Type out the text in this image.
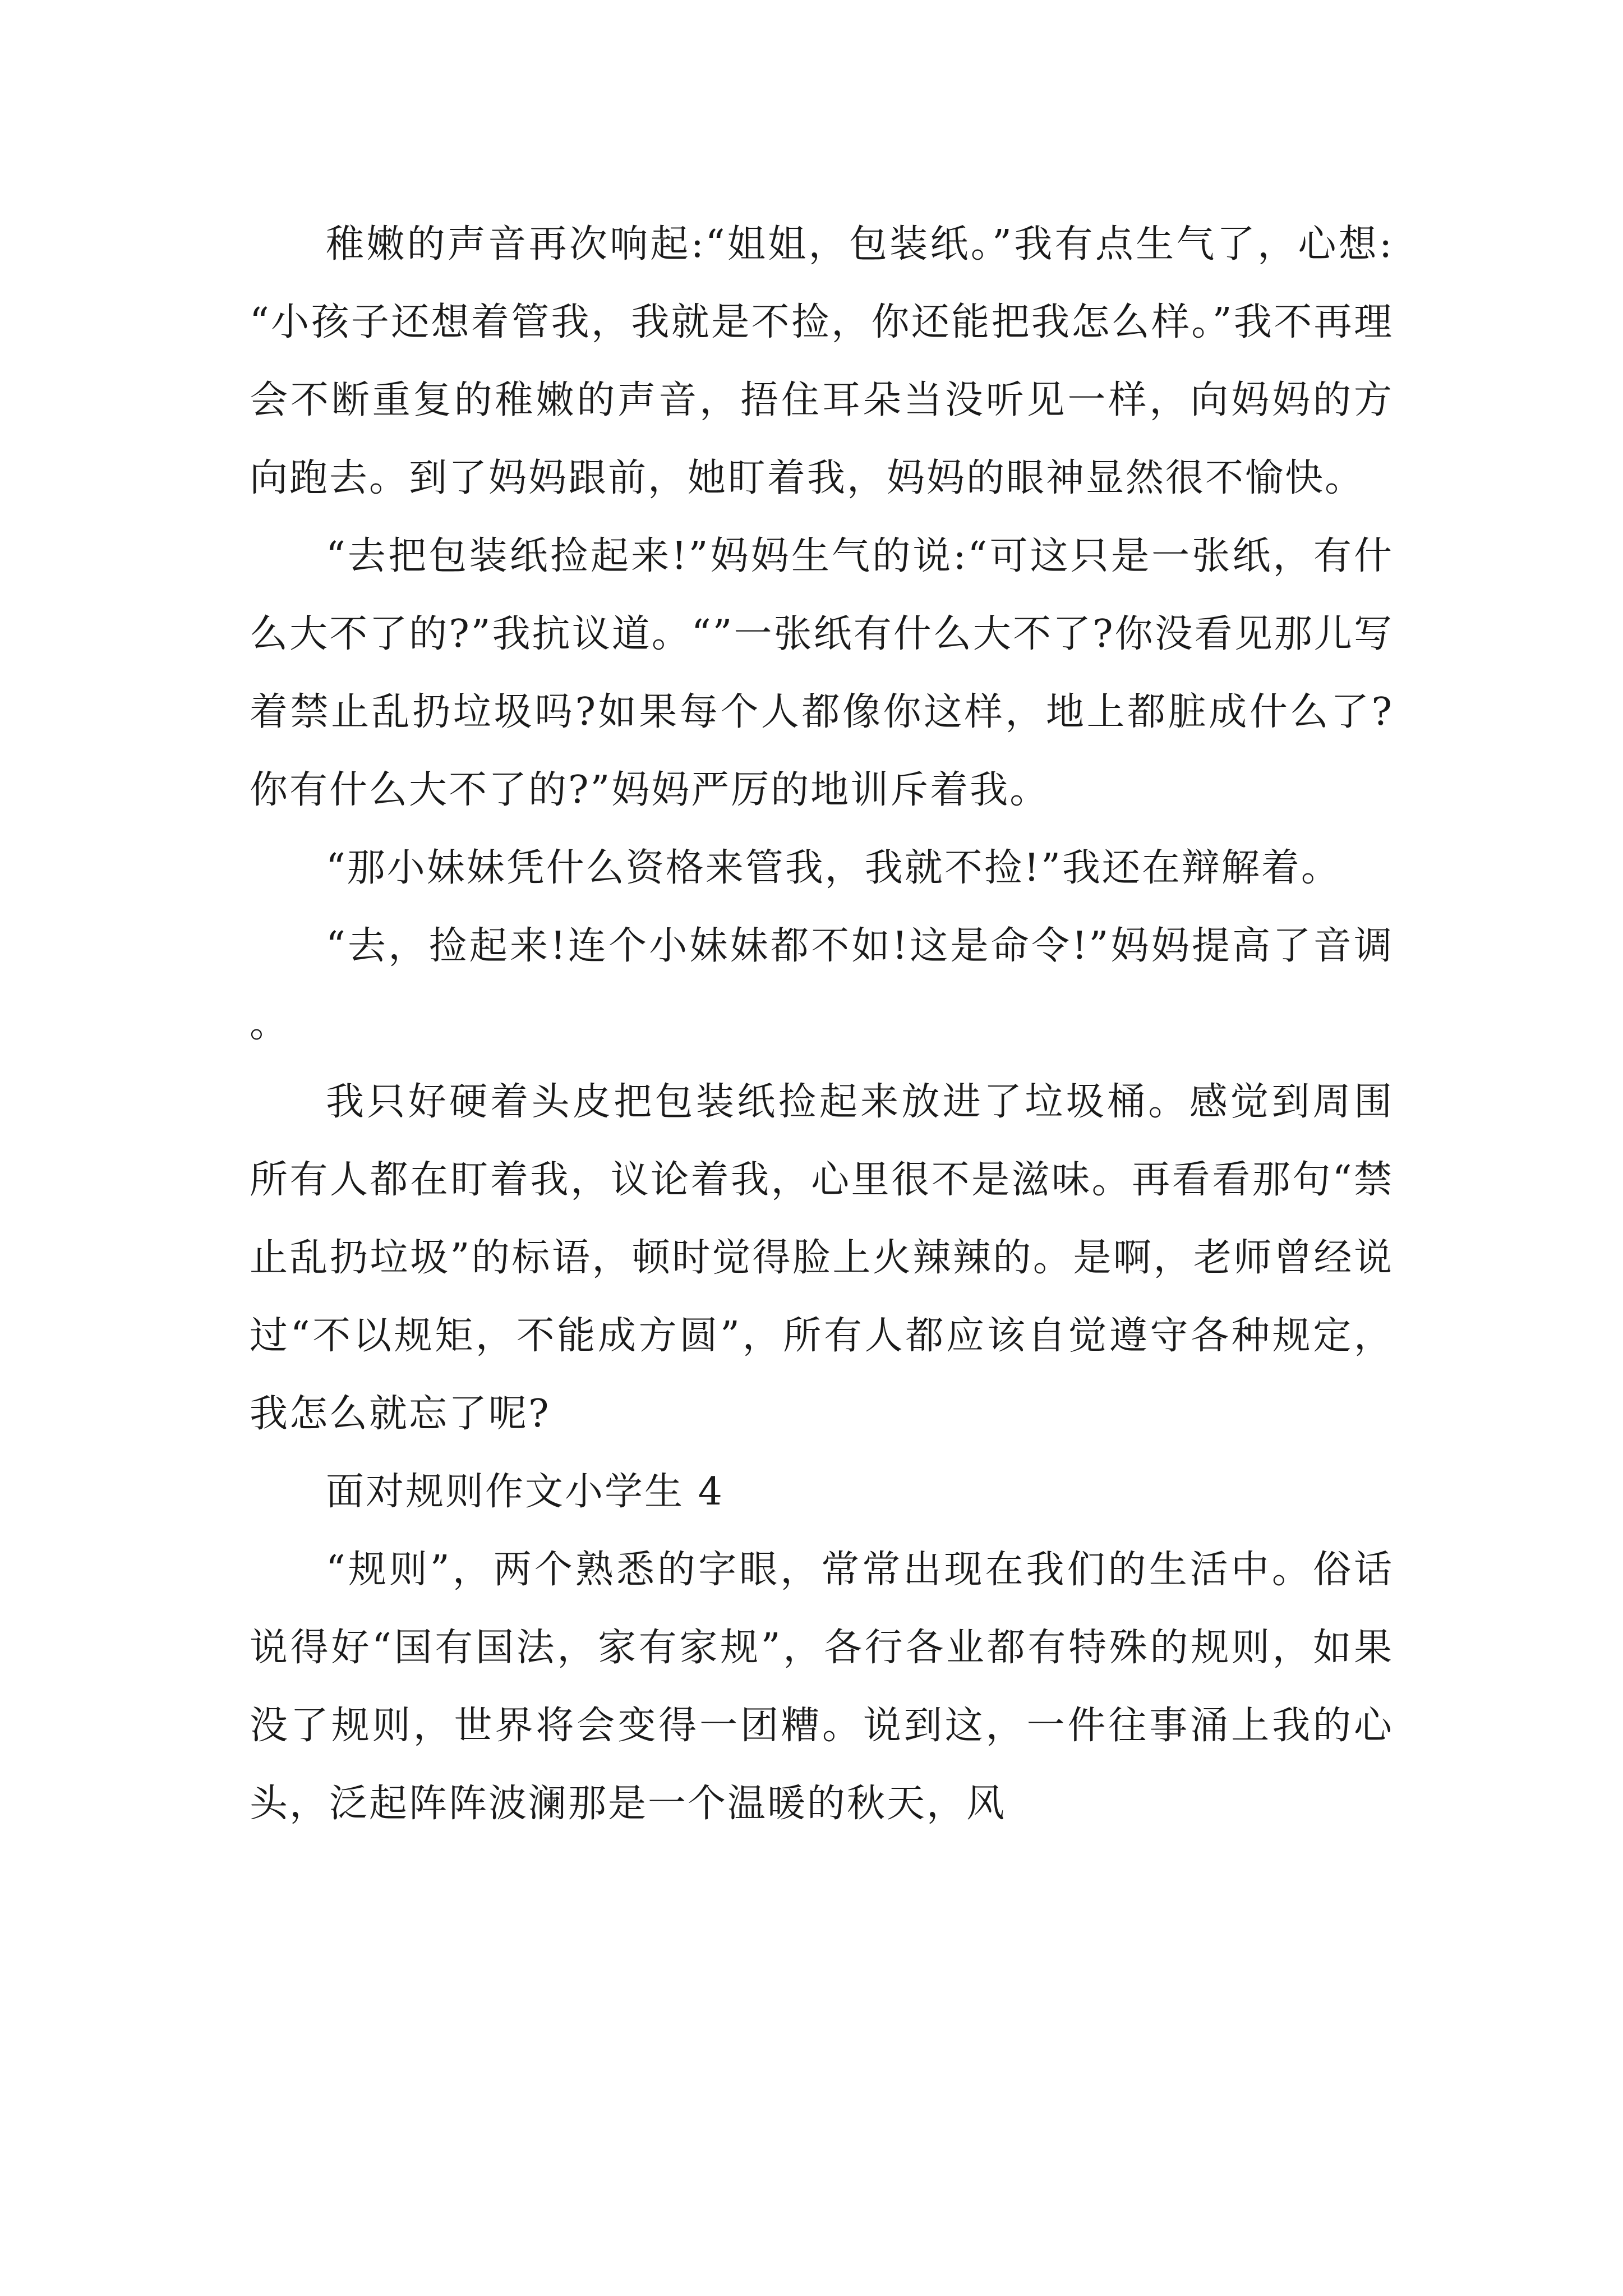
稚嫩的声音再次响起:“姐姐，包装纸。”我有点生气了，心想:“小孩子还想着管我，我就是不捡，你还能把我怎么样。”我不再理会不断重复的稚嫩的声音，捂住耳朵当没听见一样，向妈妈的方向跑去。到了妈妈跟前，她盯着我，妈妈的眼神显然很不愉快。

“去把包装纸捡起来!”妈妈生气的说:“可这只是一张纸，有什么大不了的?”我抗议道。“”一张纸有什么大不了?你没看见那儿写着禁止乱扔垃圾吗?如果每个人都像你这样，地上都脏成什么了?你有什么大不了的?”妈妈严厉的地训斥着我。

“那小妹妹凭什么资格来管我，我就不捡!”我还在辩解着。

“去，捡起来!连个小妹妹都不如!这是命令!”妈妈提高了音调。

我只好硬着头皮把包装纸捡起来放进了垃圾桶。感觉到周围所有人都在盯着我，议论着我，心里很不是滋味。再看看那句“禁止乱扔垃圾”的标语，顿时觉得脸上火辣辣的。是啊，老师曾经说过“不以规矩，不能成方圆”，所有人都应该自觉遵守各种规定，我怎么就忘了呢?

面对规则作文小学生 4

“规则”，两个熟悉的字眼，常常出现在我们的生活中。俗话说得好“国有国法，家有家规”，各行各业都有特殊的规则，如果没了规则，世界将会变得一团糟。说到这，一件往事涌上我的心头，泛起阵阵波澜那是一个温暖的秋天，风
